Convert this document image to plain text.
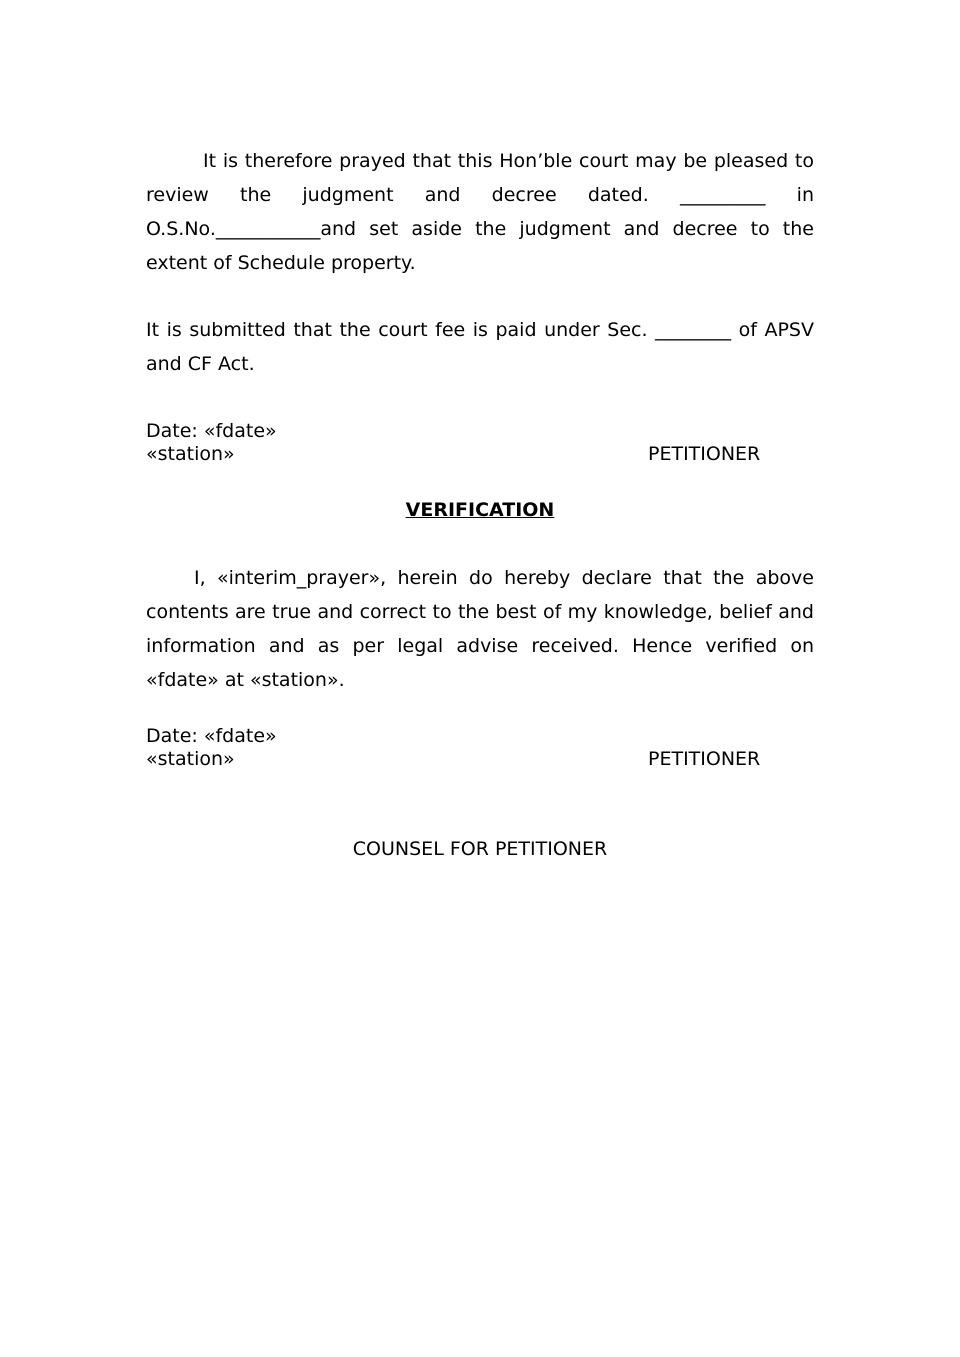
It is therefore prayed that this Hon’ble court may be pleased to review the judgment and decree dated. _________ in O.S.No.___________and set aside the judgment and decree to the extent of Schedule property.

It is submitted that the court fee is paid under Sec. ________ of APSV and CF Act.

Date: «fdate»

«station»	PETITIONER

VERIFICATION

I, «interim_prayer», herein do hereby declare that the above contents are true and correct to the best of my knowledge, belief and information and as per legal advise received. Hence verified on «fdate» at «station».

Date: «fdate»

«station»	PETITIONER

COUNSEL FOR PETITIONER
